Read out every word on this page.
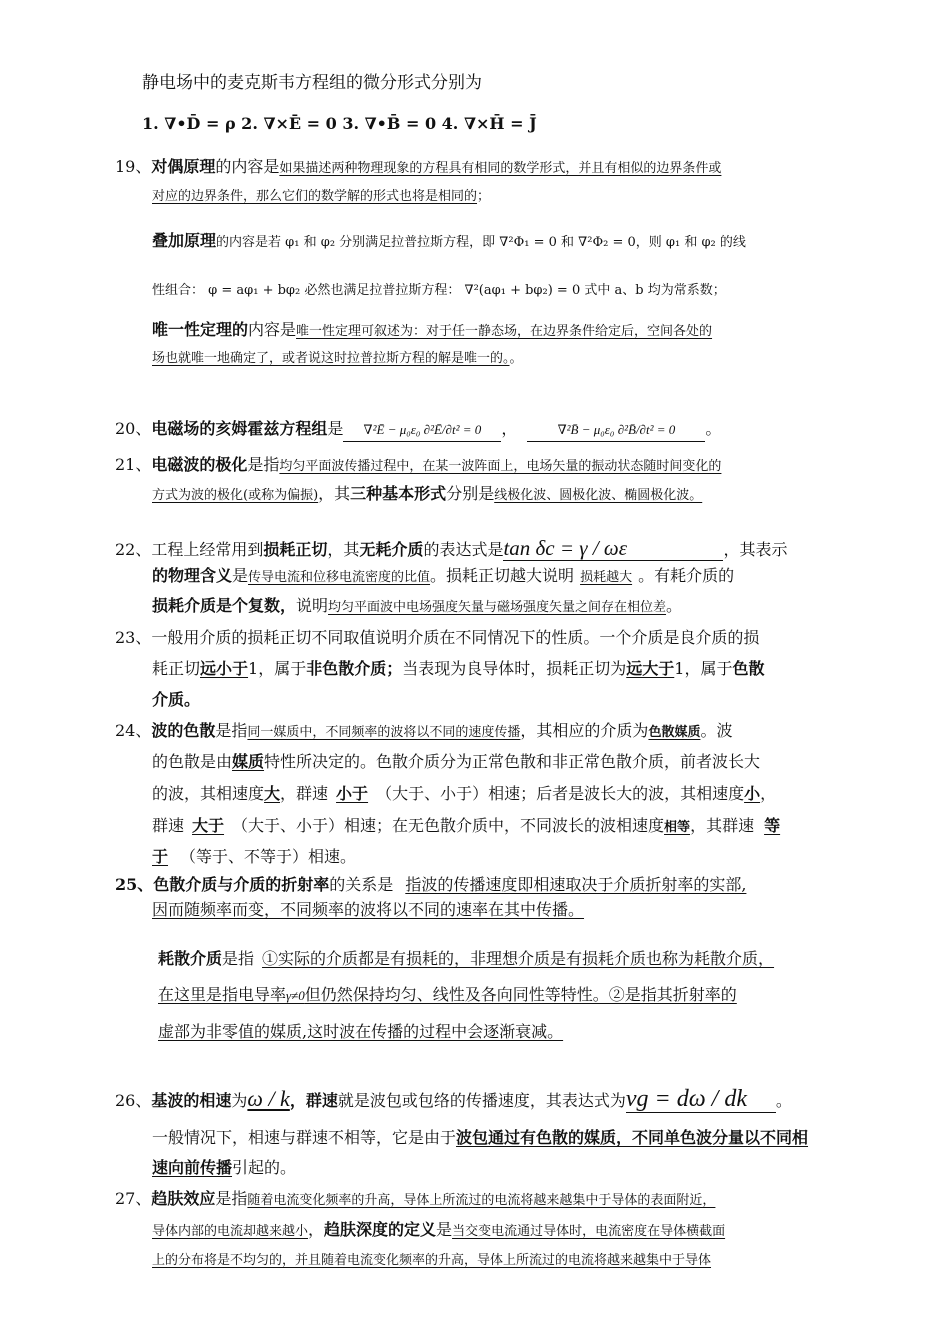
静电场中的麦克斯韦方程组的微分形式分别为
1. ∇•D̄ = ρ 2. ∇×Ē = 0 3. ∇•B̄ = 0 4. ∇×H̄ = J̄
19、对偶原理的内容是如果描述两种物理现象的方程具有相同的数学形式，并且有相似的边界条件或
对应的边界条件，那么它们的数学解的形式也将是相同的；
叠加原理的内容是若 φ₁ 和 φ₂ 分别满足拉普拉斯方程，即 ∇²Φ₁ = 0 和 ∇²Φ₂ = 0，则 φ₁ 和 φ₂ 的线
性组合： φ = aφ₁ + bφ₂ 必然也满足拉普拉斯方程： ∇²(aφ₁ + bφ₂) = 0 式中 a、b 均为常系数；
唯一性定理的内容是唯一性定理可叙述为：对于任一静态场，在边界条件给定后，空间各处的
场也就唯一地确定了，或者说这时拉普拉斯方程的解是唯一的。。
20、电磁场的亥姆霍兹方程组是 ∇²Ē − μ₀ε₀ ∂²Ē/∂t² = 0 ，	∇²B̄ − μ₀ε₀ ∂²B̄/∂t² = 0 。
21、电磁波的极化是指均匀平面波传播过程中，在某一波阵面上，电场矢量的振动状态随时间变化的
方式为波的极化(或称为偏振)，其三种基本形式分别是线极化波、圆极化波、椭圆极化波。
22、工程上经常用到损耗正切，其无耗介质的表达式是tan δc = γ / ωε	，其表示
的物理含义是传导电流和位移电流密度的比值。损耗正切越大说明 损耗越大 。有耗介质的
损耗介质是个复数，说明均匀平面波中电场强度矢量与磁场强度矢量之间存在相位差。
23、一般用介质的损耗正切不同取值说明介质在不同情况下的性质。一个介质是良介质的损
耗正切远小于1，属于非色散介质；当表现为良导体时，损耗正切为远大于1，属于色散
介质。
24、波的色散是指同一媒质中，不同频率的波将以不同的速度传播，其相应的介质为色散媒质。波
的色散是由媒质特性所决定的。色散介质分为正常色散和非正常色散介质，前者波长大
的波，其相速度大，群速 小于 （大于、小于）相速；后者是波长大的波，其相速度小，
群速 大于 （大于、小于）相速；在无色散介质中，不同波长的波相速度相等，其群速 等
于 （等于、不等于）相速。
25、色散介质与介质的折射率的关系是 指波的传播速度即相速取决于介质折射率的实部,
因而随频率而变，不同频率的波将以不同的速率在其中传播。
耗散介质是指 ①实际的介质都是有损耗的，非理想介质是有损耗介质也称为耗散介质，
在这里是指电导率γ≠0但仍然保持均匀、线性及各向同性等特性。②是指其折射率的
虚部为非零值的媒质,这时波在传播的过程中会逐渐衰减。
26、基波的相速为ω / k，群速就是波包或包络的传播速度，其表达式为vg = dω / dk 。
一般情况下，相速与群速不相等，它是由于波包通过有色散的媒质，不同单色波分量以不同相
速向前传播引起的。
27、趋肤效应是指随着电流变化频率的升高，导体上所流过的电流将越来越集中于导体的表面附近，
导体内部的电流却越来越小，趋肤深度的定义是当交变电流通过导体时，电流密度在导体横截面
上的分布将是不均匀的，并且随着电流变化频率的升高，导体上所流过的电流将越来越集中于导体
